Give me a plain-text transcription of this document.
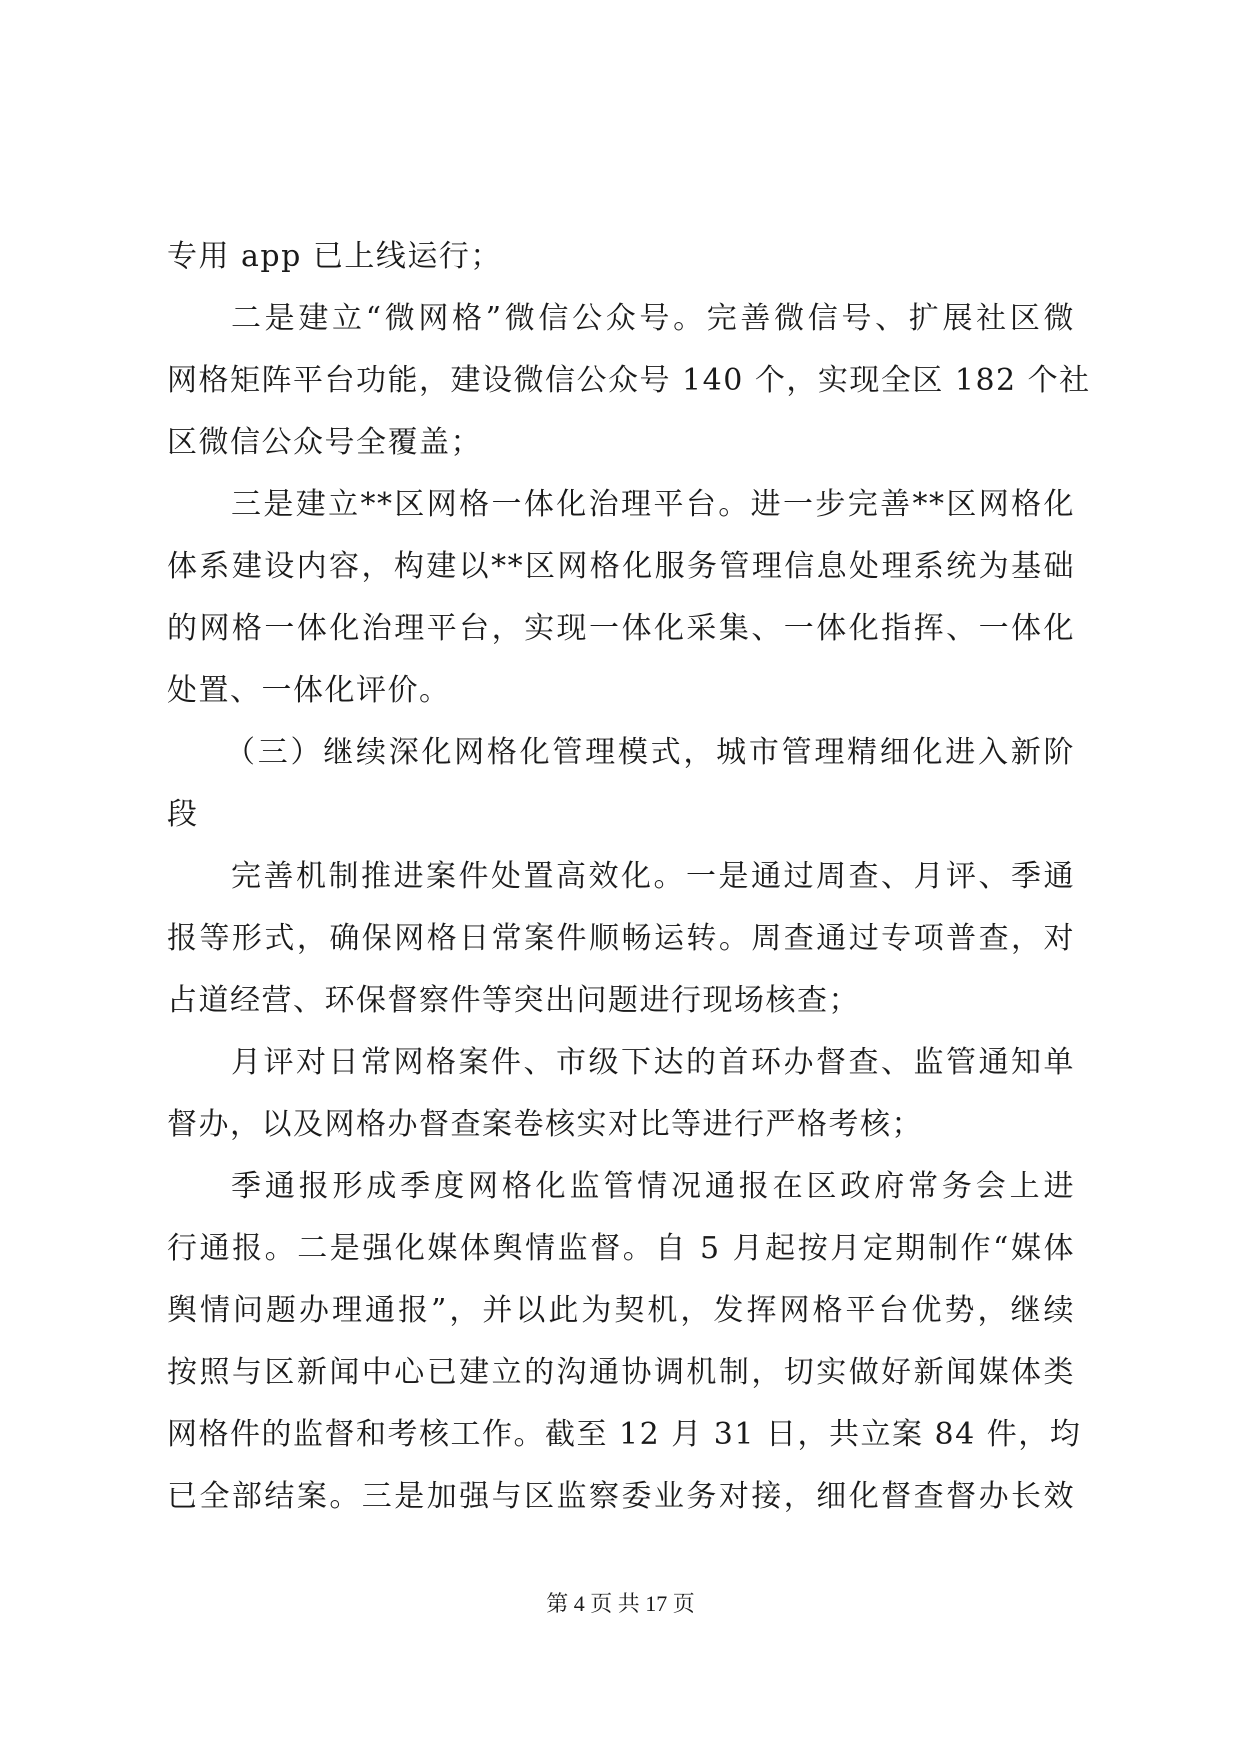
专用 app 已上线运行；
二是建立“微网格”微信公众号。完善微信号、扩展社区微
网格矩阵平台功能，建设微信公众号 140 个，实现全区 182 个社
区微信公众号全覆盖；
三是建立**区网格一体化治理平台。进一步完善**区网格化
体系建设内容，构建以**区网格化服务管理信息处理系统为基础
的网格一体化治理平台，实现一体化采集、一体化指挥、一体化
处置、一体化评价。
（三）继续深化网格化管理模式，城市管理精细化进入新阶
段
完善机制推进案件处置高效化。一是通过周查、月评、季通
报等形式，确保网格日常案件顺畅运转。周查通过专项普查，对
占道经营、环保督察件等突出问题进行现场核查；
月评对日常网格案件、市级下达的首环办督查、监管通知单
督办，以及网格办督查案卷核实对比等进行严格考核；
季通报形成季度网格化监管情况通报在区政府常务会上进
行通报。二是强化媒体舆情监督。自 5 月起按月定期制作“媒体
舆情问题办理通报”，并以此为契机，发挥网格平台优势，继续
按照与区新闻中心已建立的沟通协调机制，切实做好新闻媒体类
网格件的监督和考核工作。截至 12 月 31 日，共立案 84 件，均
已全部结案。三是加强与区监察委业务对接，细化督查督办长效
第 4 页 共 17 页
